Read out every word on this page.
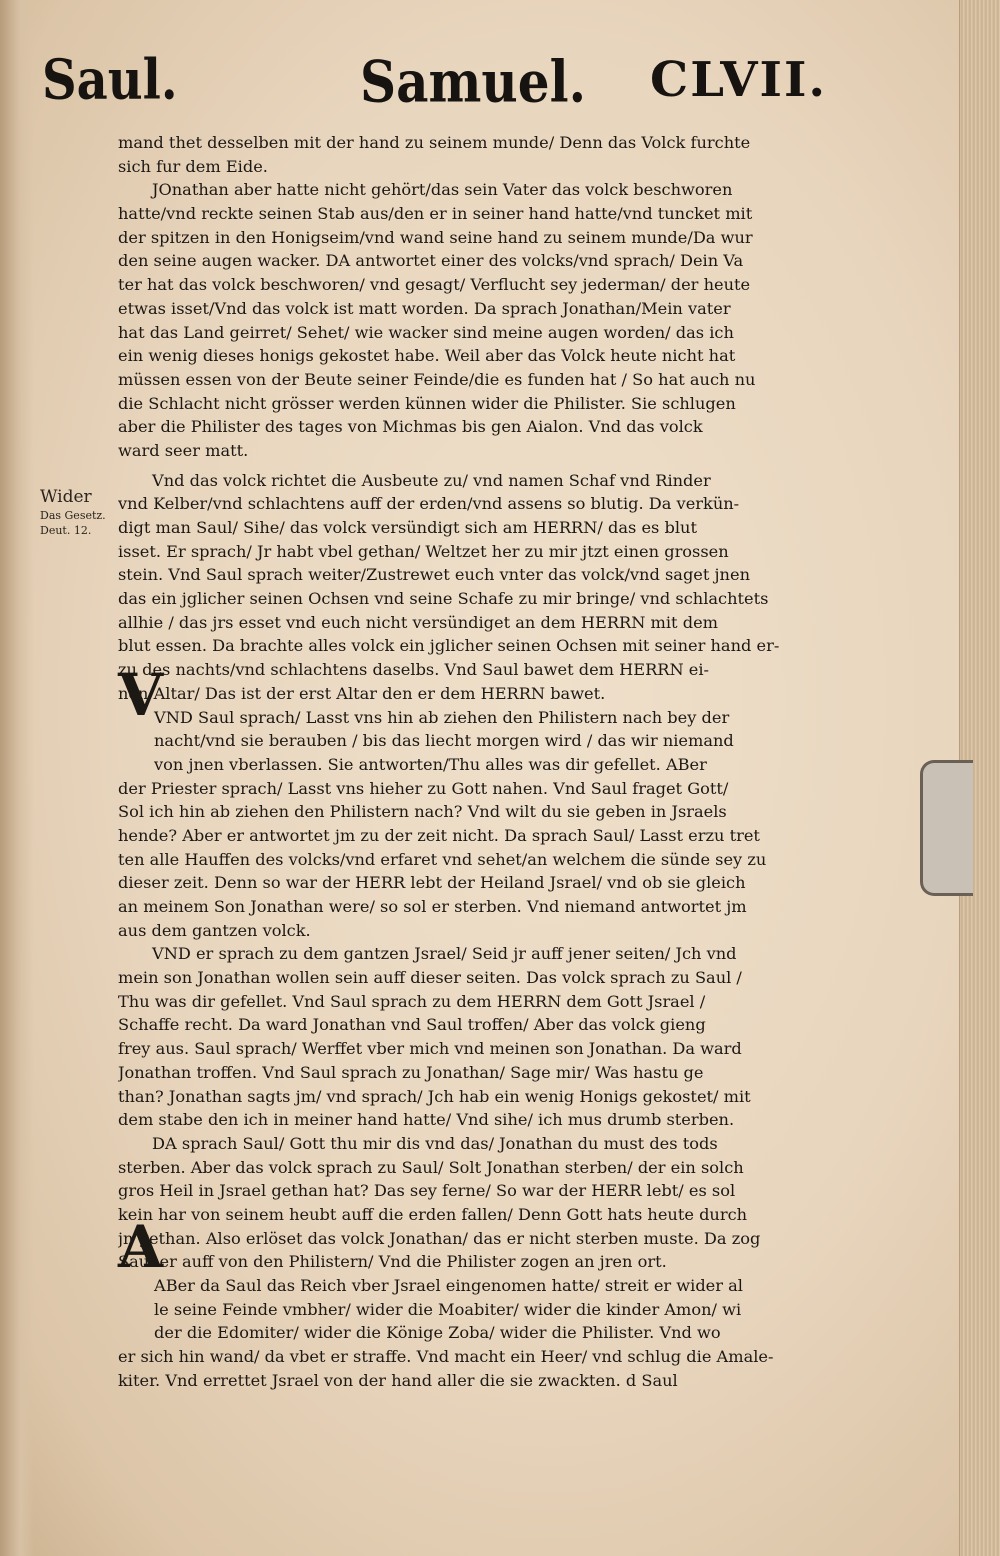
Saul.	Samuel. CLVII.
Wider
Das Gesetz.
Deut. 12.
V
A
mand thet desselben mit der hand zu seinem munde/ Denn das Volck furchte
sich fur dem Eide.
JOnathan aber hatte nicht gehört/das sein Vater das volck beschworen
hatte/vnd reckte seinen Stab aus/den er in seiner hand hatte/vnd tuncket mit
der spitzen in den Honigseim/vnd wand seine hand zu seinem munde/Da wur
den seine augen wacker. DA antwortet einer des volcks/vnd sprach/ Dein Va
ter hat das volck beschworen/ vnd gesagt/ Verflucht sey jederman/ der heute
etwas isset/Vnd das volck ist matt worden. Da sprach Jonathan/Mein vater
hat das Land geirret/ Sehet/ wie wacker sind meine augen worden/ das ich
ein wenig dieses honigs gekostet habe. Weil aber das Volck heute nicht hat
müssen essen von der Beute seiner Feinde/die es funden hat / So hat auch nu
die Schlacht nicht grösser werden künnen wider die Philister. Sie schlugen
aber die Philister des tages von Michmas bis gen Aialon. Vnd das volck
ward seer matt.
Vnd das volck richtet die Ausbeute zu/ vnd namen Schaf vnd Rinder
vnd Kelber/vnd schlachtens auff der erden/vnd assens so blutig. Da verkün-
digt man Saul/ Sihe/ das volck versündigt sich am HERRN/ das es blut
isset. Er sprach/ Jr habt vbel gethan/ Weltzet her zu mir jtzt einen grossen
stein. Vnd Saul sprach weiter/Zustrewet euch vnter das volck/vnd saget jnen
das ein jglicher seinen Ochsen vnd seine Schafe zu mir bringe/ vnd schlachtets
allhie / das jrs esset vnd euch nicht versündiget an dem HERRN mit dem
blut essen. Da brachte alles volck ein jglicher seinen Ochsen mit seiner hand er-
zu des nachts/vnd schlachtens daselbs. Vnd Saul bawet dem HERRN ei-
nen Altar/ Das ist der erst Altar den er dem HERRN bawet.
VND Saul sprach/ Lasst vns hin ab ziehen den Philistern nach bey der
nacht/vnd sie berauben / bis das liecht morgen wird / das wir niemand
von jnen vberlassen. Sie antworten/Thu alles was dir gefellet. ABer
der Priester sprach/ Lasst vns hieher zu Gott nahen. Vnd Saul fraget Gott/
Sol ich hin ab ziehen den Philistern nach? Vnd wilt du sie geben in Jsraels
hende? Aber er antwortet jm zu der zeit nicht. Da sprach Saul/ Lasst erzu tret
ten alle Hauffen des volcks/vnd erfaret vnd sehet/an welchem die sünde sey zu
dieser zeit. Denn so war der HERR lebt der Heiland Jsrael/ vnd ob sie gleich
an meinem Son Jonathan were/ so sol er sterben. Vnd niemand antwortet jm
aus dem gantzen volck.
VND er sprach zu dem gantzen Jsrael/ Seid jr auff jener seiten/ Jch vnd
mein son Jonathan wollen sein auff dieser seiten. Das volck sprach zu Saul /
Thu was dir gefellet. Vnd Saul sprach zu dem HERRN dem Gott Jsrael /
Schaffe recht. Da ward Jonathan vnd Saul troffen/ Aber das volck gieng
frey aus. Saul sprach/ Werffet vber mich vnd meinen son Jonathan. Da ward
Jonathan troffen. Vnd Saul sprach zu Jonathan/ Sage mir/ Was hastu ge
than? Jonathan sagts jm/ vnd sprach/ Jch hab ein wenig Honigs gekostet/ mit
dem stabe den ich in meiner hand hatte/ Vnd sihe/ ich mus drumb sterben.
DA sprach Saul/ Gott thu mir dis vnd das/ Jonathan du must des tods
sterben. Aber das volck sprach zu Saul/ Solt Jonathan sterben/ der ein solch
gros Heil in Jsrael gethan hat? Das sey ferne/ So war der HERR lebt/ es sol
kein har von seinem heubt auff die erden fallen/ Denn Gott hats heute durch
jn gethan. Also erlöset das volck Jonathan/ das er nicht sterben muste. Da zog
Saul er auff von den Philistern/ Vnd die Philister zogen an jren ort.
ABer da Saul das Reich vber Jsrael eingenomen hatte/ streit er wider al
le seine Feinde vmbher/ wider die Moabiter/ wider die kinder Amon/ wi
der die Edomiter/ wider die Könige Zoba/ wider die Philister. Vnd wo
er sich hin wand/ da vbet er straffe. Vnd macht ein Heer/ vnd schlug die Amale-
kiter. Vnd errettet Jsrael von der hand aller die sie zwackten. d Saul
